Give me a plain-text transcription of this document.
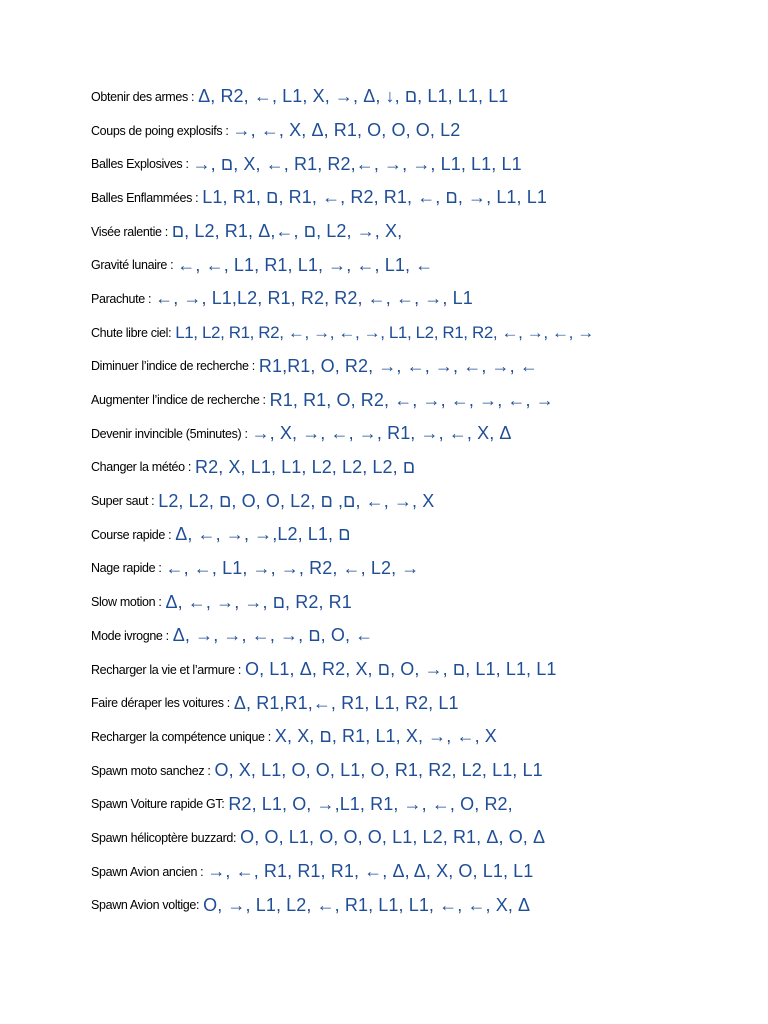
Obtenir des armes : Δ, R2, ←, L1, X, →, Δ, ↓, ם, L1, L1, L1
Coups de poing explosifs : →, ←, X, Δ, R1, O, O, O, L2
Balles Explosives : →, ם, X, ←, R1, R2,←, →, →, L1, L1, L1
Balles Enflammées : L1, R1, ם, R1, ←, R2, R1, ←, ם, →, L1, L1
Visée ralentie : ם, L2, R1, Δ,←, ם, L2, →, X,
Gravité lunaire : ←, ←, L1, R1, L1, →, ←, L1, ←
Parachute : ←, →, L1,L2, R1, R2, R2, ←, ←, →, L1
Chute libre ciel: L1, L2, R1, R2, ←, →, ←, →, L1, L2, R1, R2, ←, →, ←, →
Diminuer l’indice de recherche : R1,R1, O, R2, →, ←, →, ←, →, ←
Augmenter l’indice de recherche : R1, R1, O, R2, ←, →, ←, →, ←, →
Devenir invincible (5minutes) : →, X, →, ←, →, R1, →, ←, X, Δ
Changer la météo : R2, X, L1, L1, L2, L2, L2, ם
Super saut : L2, L2, ם, O, O, L2, ם, ם, ←, →, X
Course rapide : Δ, ←, →, →,L2, L1, ם
Nage rapide : ←, ←, L1, →, →, R2, ←, L2, →
Slow motion : Δ, ←, →, →, ם, R2, R1
Mode ivrogne : Δ, →, →, ←, →, ם, O, ←
Recharger la vie et l’armure : O, L1, Δ, R2, X, ם, O, →, ם, L1, L1, L1
Faire déraper les voitures : Δ, R1,R1,←, R1, L1, R2, L1
Recharger la compétence unique : X, X, ם, R1, L1, X, →, ←, X
Spawn moto sanchez : O, X, L1, O, O, L1, O, R1, R2, L2, L1, L1
Spawn Voiture rapide GT: R2, L1, O, →,L1, R1, →, ←, O, R2,
Spawn hélicoptère buzzard: O, O, L1, O, O, O, L1, L2, R1, Δ, O, Δ
Spawn Avion ancien : →, ←, R1, R1, R1, ←, Δ, Δ, X, O, L1, L1
Spawn Avion voltige: O, →, L1, L2, ←, R1, L1, L1, ←, ←, X, Δ
